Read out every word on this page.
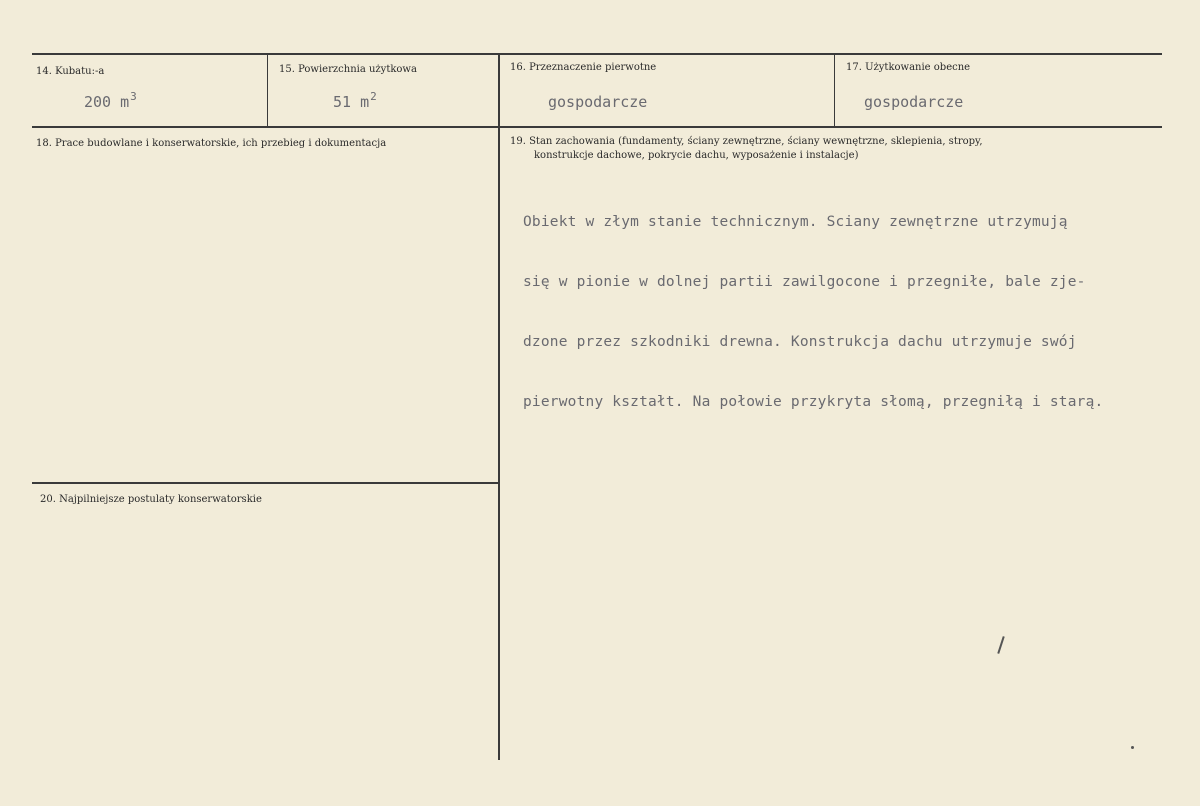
14. Kubatu:-a
200 $m^3$
15. Powierzchnia użytkowa
51 $m^2$
16. Przeznaczenie pierwotne
gospodarcze
17. Użytkowanie obecne
gospodarcze
18. Prace budowlane i konserwatorskie, ich przebieg i dokumentacja	19. Stan zachowania (fundamenty, ściany zewnętrzne, ściany wewnętrzne, sklepienia, stropy,
konstrukcje dachowe, pokrycie dachu, wyposażenie i instalacje)

Obiekt w złym stanie technicznym. Sciany zewnętrzne utrzymują

się w pionie w dolnej partii zawilgocone i przegniłe, bale zje-

dzone przez szkodniki drewna. Konstrukcja dachu utrzymuje swój

pierwotny kształt. Na połowie przykryta słomą, przegniłą i starą.

20. Najpilniejsze postulaty konserwatorskie
